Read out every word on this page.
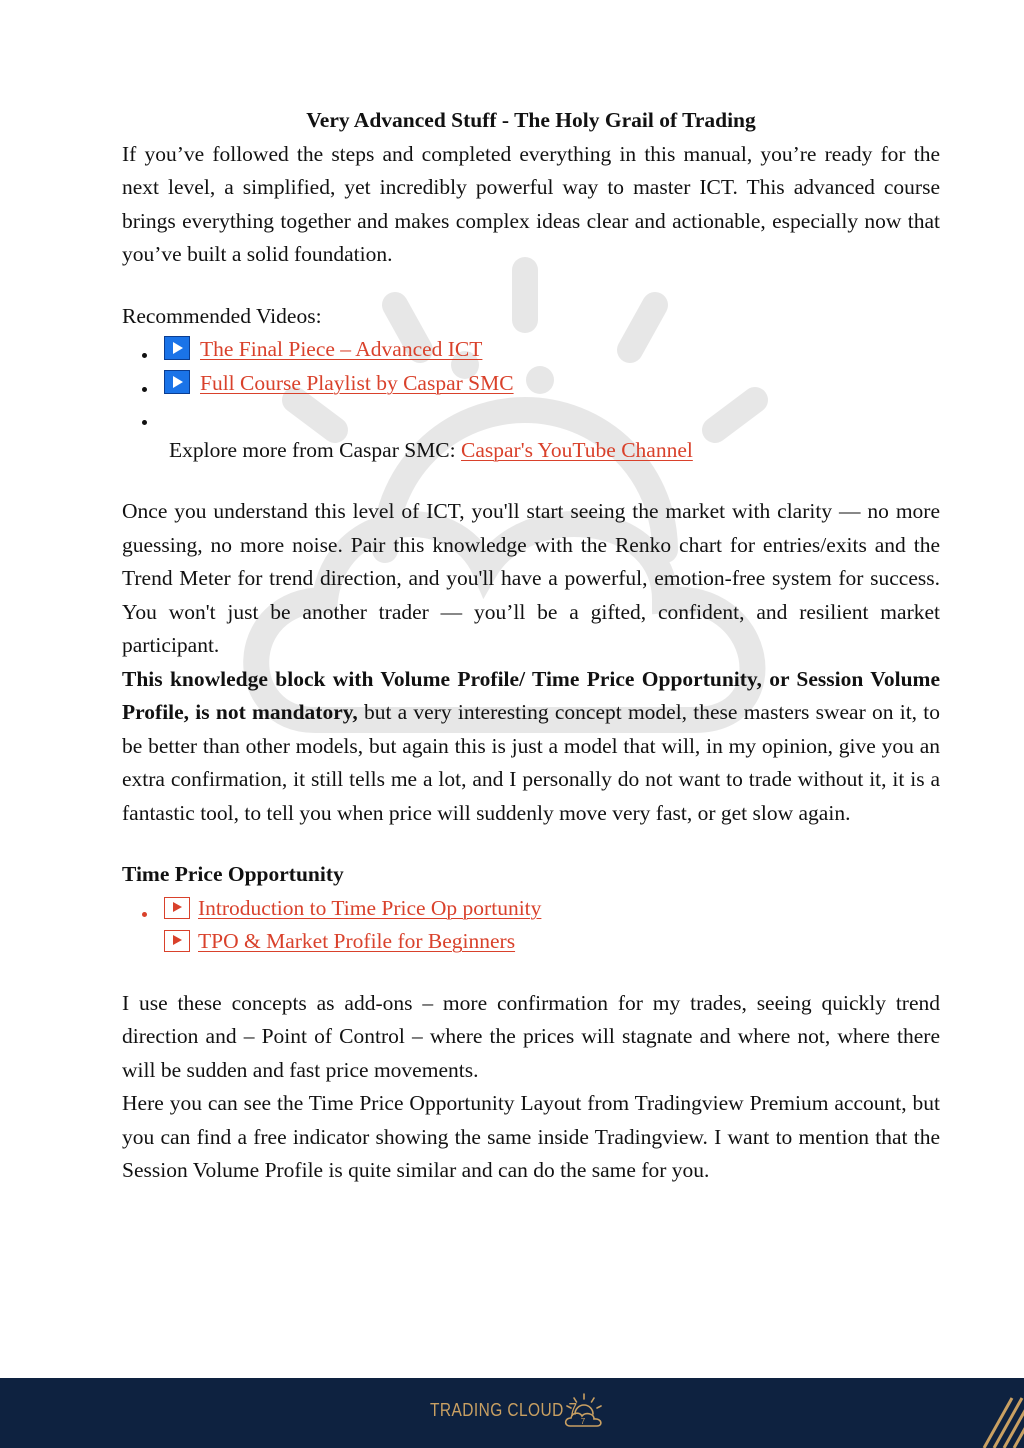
Very Advanced Stuff - The Holy Grail of Trading

If you’ve followed the steps and completed everything in this manual, you’re ready for the next level, a simplified, yet incredibly powerful way to master ICT. This advanced course brings everything together and makes complex ideas clear and actionable, especially now that you’ve built a solid foundation.

Recommended Videos:

The Final Piece – Advanced ICT
Full Course Playlist by Caspar SMC

Explore more from Caspar SMC: Caspar's YouTube Channel

Once you understand this level of ICT, you'll start seeing the market with clarity — no more guessing, no more noise. Pair this knowledge with the Renko chart for entries/exits and the Trend Meter for trend direction, and you'll have a powerful, emotion-free system for success. You won't just be another trader — you’ll be a gifted, confident, and resilient market participant.

This knowledge block with Volume Profile/ Time Price Opportunity, or Session Volume Profile, is not mandatory, but a very interesting concept model, these masters swear on it, to be better than other models, but again this is just a model that will, in my opinion, give you an extra confirmation, it still tells me a lot, and I personally do not want to trade without it, it is a fantastic tool, to tell you when price will suddenly move very fast, or get slow again.

Time Price Opportunity

Introduction to Time Price Op portunity
TPO & Market Profile for Beginners

I use these concepts as add-ons – more confirmation for my trades, seeing quickly trend direction and – Point of Control – where the prices will stagnate and where not, where there will be sudden and fast price movements.

Here you can see the Time Price Opportunity Layout from Tradingview Premium account, but you can find a free indicator showing the same inside Tradingview. I want to mention that the Session Volume Profile is quite similar and can do the same for you.

TRADING CLOUD 7
7
